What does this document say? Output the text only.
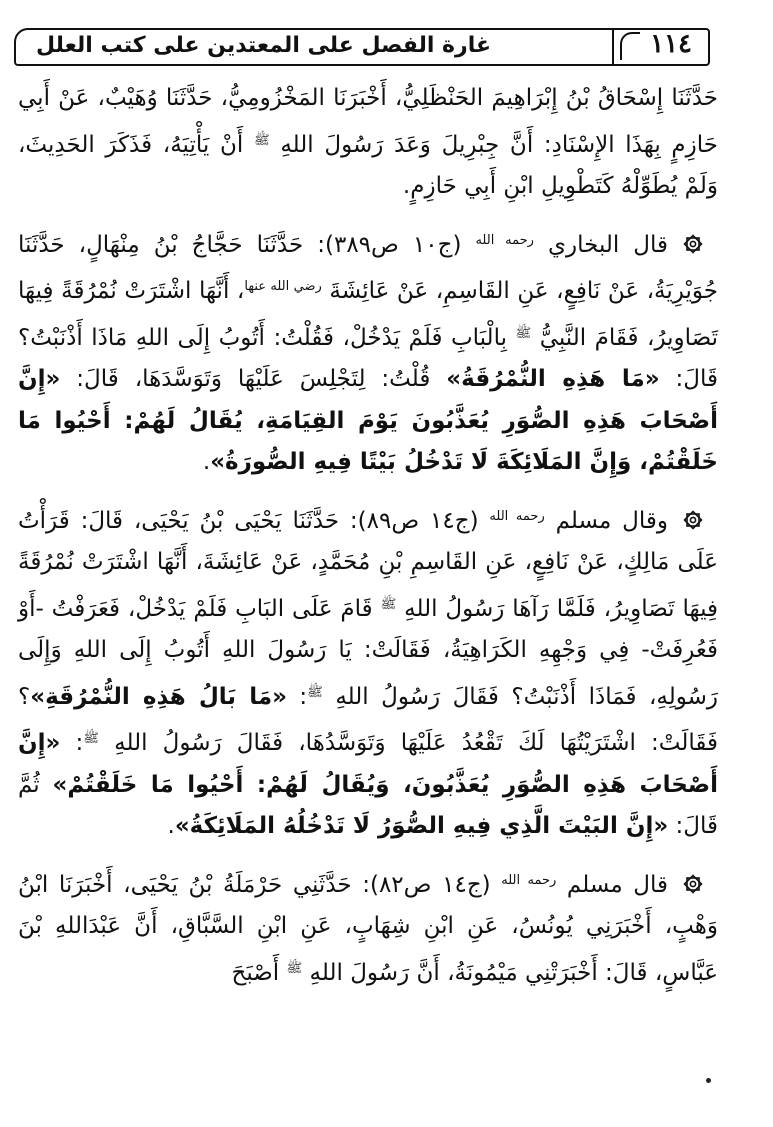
غارة الفصل على المعتدين على كتب العلل	١١٤

حَدَّثَنَا إِسْحَاقُ بْنُ إِبْرَاهِيمَ الحَنْظَلِيُّ، أَخْبَرَنَا المَخْزُومِيُّ، حَدَّثَنَا وُهَيْبٌ، عَنْ أَبِي حَازِمٍ بِهَذَا الإِسْنَادِ: أَنَّ جِبْرِيلَ وَعَدَ رَسُولَ اللهِ $^ﷺ$ أَنْ يَأْتِيَهُ، فَذَكَرَ الحَدِيثَ، وَلَمْ يُطَوِّلْهُ كَتَطْوِيلِ ابْنِ أَبِي حَازِمٍ.

قال البخاري $^{رحمه الله}$ (ج١٠ ص٣٨٩): حَدَّثَنَا حَجَّاجُ بْنُ مِنْهَالٍ، حَدَّثَنَا جُوَيْرِيَةُ، عَنْ نَافِعٍ، عَنِ القَاسِمِ، عَنْ عَائِشَةَ $^{رضي الله عنها}$، أَنَّهَا اشْتَرَتْ نُمْرُقَةً فِيهَا تَصَاوِيرُ، فَقَامَ النَّبِيُّ $^ﷺ$ بِالْبَابِ فَلَمْ يَدْخُلْ، فَقُلْتُ: أَتُوبُ إِلَى اللهِ مَاذَا أَذْنَبْتُ؟ قَالَ: «مَا هَذِهِ النُّمْرُقَةُ» قُلْتُ: لِتَجْلِسَ عَلَيْهَا وَتَوَسَّدَهَا، قَالَ: «إِنَّ أَصْحَابَ هَذِهِ الصُّوَرِ يُعَذَّبُونَ يَوْمَ القِيَامَةِ، يُقَالُ لَهُمْ: أَحْيُوا مَا خَلَقْتُمْ، وَإِنَّ المَلَائِكَةَ لَا تَدْخُلُ بَيْتًا فِيهِ الصُّورَةُ».

وقال مسلم $^{رحمه الله}$ (ج١٤ ص٨٩): حَدَّثَنَا يَحْيَى بْنُ يَحْيَى، قَالَ: قَرَأْتُ عَلَى مَالِكٍ، عَنْ نَافِعٍ، عَنِ القَاسِمِ بْنِ مُحَمَّدٍ، عَنْ عَائِشَةَ، أَنَّهَا اشْتَرَتْ نُمْرُقَةً فِيهَا تَصَاوِيرُ، فَلَمَّا رَآهَا رَسُولُ اللهِ $^ﷺ$ قَامَ عَلَى البَابِ فَلَمْ يَدْخُلْ، فَعَرَفْتُ -أَوْ فَعُرِفَتْ- فِي وَجْهِهِ الكَرَاهِيَةُ، فَقَالَتْ: يَا رَسُولَ اللهِ أَتُوبُ إِلَى اللهِ وَإِلَى رَسُولِهِ، فَمَاذَا أَذْنَبْتُ؟ فَقَالَ رَسُولُ اللهِ $^ﷺ$: «مَا بَالُ هَذِهِ النُّمْرُقَةِ»؟ فَقَالَتْ: اشْتَرَيْتُهَا لَكَ تَقْعُدُ عَلَيْهَا وَتَوَسَّدُهَا، فَقَالَ رَسُولُ اللهِ $^ﷺ$: «إِنَّ أَصْحَابَ هَذِهِ الصُّوَرِ يُعَذَّبُونَ، وَيُقَالُ لَهُمْ: أَحْيُوا مَا خَلَقْتُمْ» ثُمَّ قَالَ: «إِنَّ البَيْتَ الَّذِي فِيهِ الصُّوَرُ لَا تَدْخُلُهُ المَلَائِكَةُ».

قال مسلم $^{رحمه الله}$ (ج١٤ ص٨٢): حَدَّثَنِي حَرْمَلَةُ بْنُ يَحْيَى، أَخْبَرَنَا ابْنُ وَهْبٍ، أَخْبَرَنِي يُونُسُ، عَنِ ابْنِ شِهَابٍ، عَنِ ابْنِ السَّبَّاقِ، أَنَّ عَبْدَاللهِ بْنَ عَبَّاسٍ، قَالَ: أَخْبَرَتْنِي مَيْمُونَةُ، أَنَّ رَسُولَ اللهِ $^ﷺ$ أَصْبَحَ
